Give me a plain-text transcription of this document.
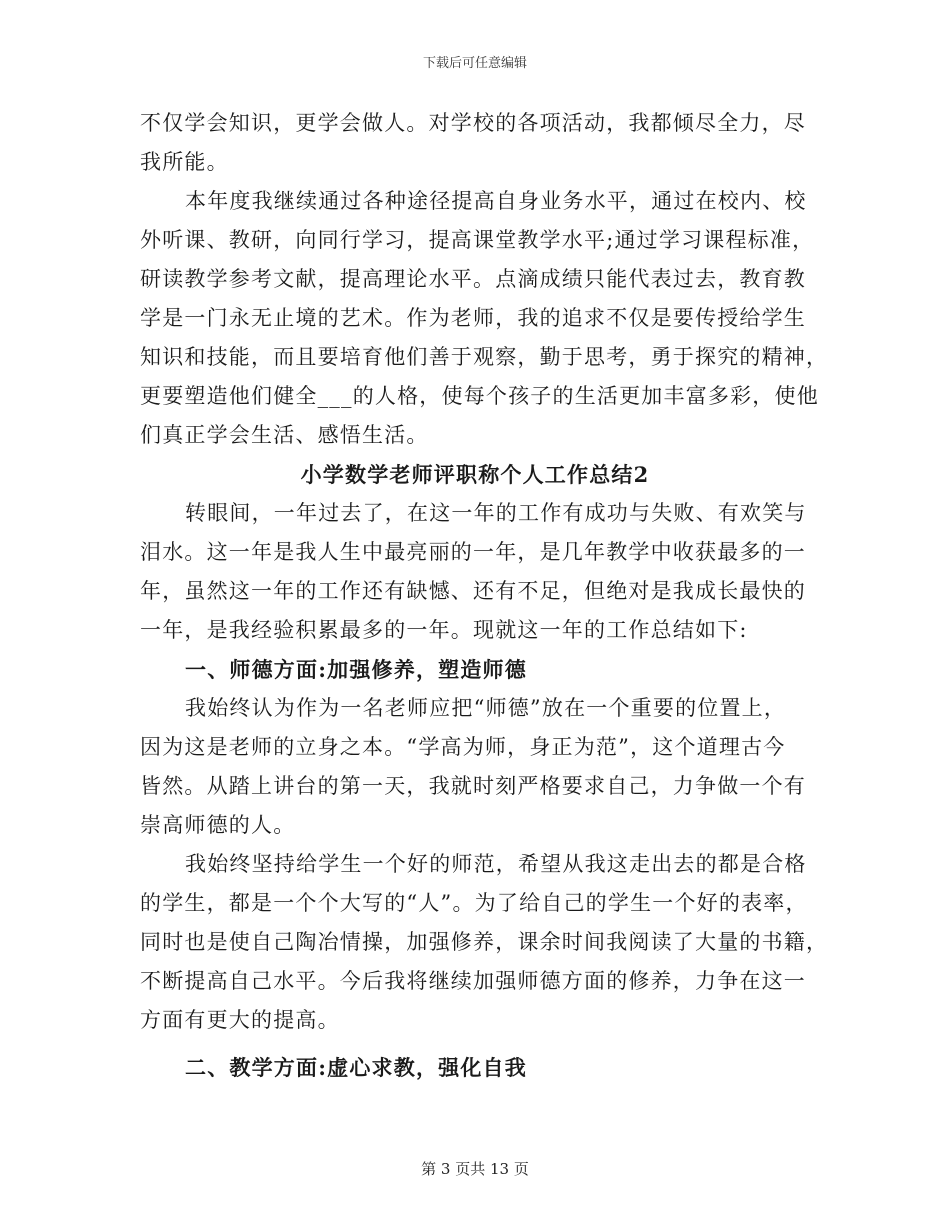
下载后可任意编辑
不仅学会知识，更学会做人。对学校的各项活动，我都倾尽全力，尽
我所能。
本年度我继续通过各种途径提高自身业务水平，通过在校内、校
外听课、教研，向同行学习，提高课堂教学水平;通过学习课程标准，
研读教学参考文献，提高理论水平。点滴成绩只能代表过去，教育教
学是一门永无止境的艺术。作为老师，我的追求不仅是要传授给学生
知识和技能，而且要培育他们善于观察，勤于思考，勇于探究的精神，
更要塑造他们健全___的人格，使每个孩子的生活更加丰富多彩，使他
们真正学会生活、感悟生活。
小学数学老师评职称个人工作总结2
转眼间，一年过去了，在这一年的工作有成功与失败、有欢笑与
泪水。这一年是我人生中最亮丽的一年，是几年教学中收获最多的一
年，虽然这一年的工作还有缺憾、还有不足，但绝对是我成长最快的
一年，是我经验积累最多的一年。现就这一年的工作总结如下:
一、师德方面:加强修养，塑造师德
我始终认为作为一名老师应把“师德”放在一个重要的位置上，
因为这是老师的立身之本。“学高为师，身正为范”，这个道理古今
皆然。从踏上讲台的第一天，我就时刻严格要求自己，力争做一个有
崇高师德的人。
我始终坚持给学生一个好的师范，希望从我这走出去的都是合格
的学生，都是一个个大写的“人”。为了给自己的学生一个好的表率，
同时也是使自己陶冶情操，加强修养，课余时间我阅读了大量的书籍，
不断提高自己水平。今后我将继续加强师德方面的修养，力争在这一
方面有更大的提高。
二、教学方面:虚心求教，强化自我
第 3 页共 13 页
